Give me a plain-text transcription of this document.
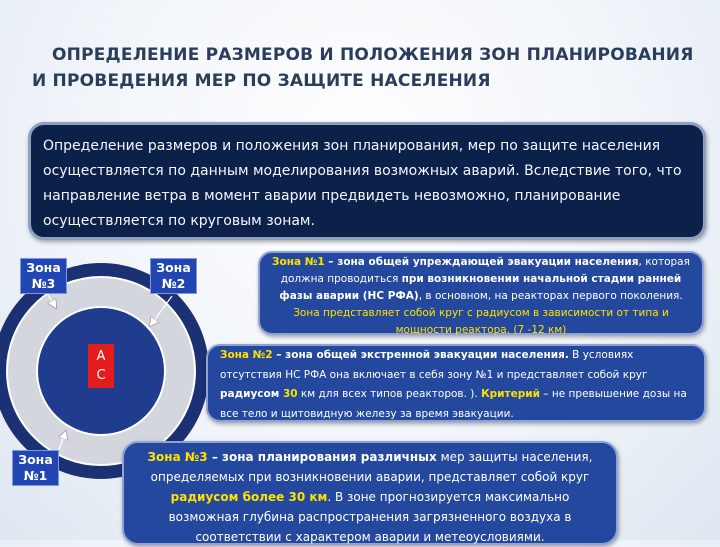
ОПРЕДЕЛЕНИЕ РАЗМЕРОВ И ПОЛОЖЕНИЯ ЗОН ПЛАНИРОВАНИЯ
И ПРОВЕДЕНИЯ МЕР ПО ЗАЩИТЕ НАСЕЛЕНИЯ
Определение размеров и положения зон планирования, мер по защите населения осуществляется по данным моделирования возможных аварий. Вследствие того, что направление ветра в момент аварии предвидеть невозможно, планирование осуществляется по круговым зонам.
Зона
№3
Зона
№2
Зона
№1
А
С
Зона №1 – зона общей упреждающей эвакуации населения, которая должна проводиться при возникновении начальной стадии ранней фазы аварии (НС РФА), в основном, на реакторах первого поколения. Зона представляет собой круг с радиусом в зависимости от типа и мощности реактора. (7 -12 км)
Зона №2 – зона общей экстренной эвакуации населения. В условиях отсутствия НС РФА она включает в себя зону №1 и представляет собой круг радиусом 30 км для всех типов реакторов. ). Критерий – не превышение дозы на все тело и щитовидную железу за время эвакуации.
Зона №3 – зона планирования различных мер защиты населения, определяемых при возникновении аварии, представляет собой круг радиусом более 30 км. В зоне прогнозируется максимально возможная глубина распространения загрязненного воздуха в соответствии с характером аварии и метеоусловиями.
